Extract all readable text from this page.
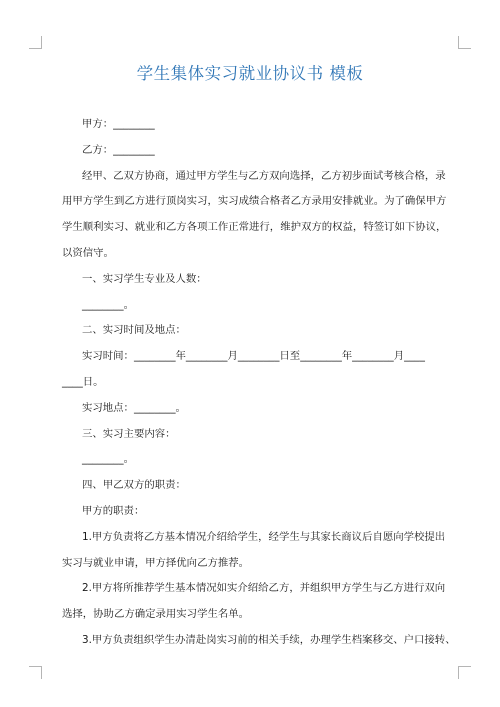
学生集体实习就业协议书 模板

甲方：________

乙方：________

经甲、乙双方协商，通过甲方学生与乙方双向选择，乙方初步面试考核合格，录

用甲方学生到乙方进行顶岗实习，实习成绩合格者乙方录用安排就业。为了确保甲方

学生顺利实习、就业和乙方各项工作正常进行，维护双方的权益，特签订如下协议，

以资信守。

一、实习学生专业及人数：

________。

二、实习时间及地点：

实习时间：________年________月________日至________年________月____

____日。

实习地点：________。

三、实习主要内容：

________。

四、甲乙双方的职责：

甲方的职责：

1.甲方负责将乙方基本情况介绍给学生，经学生与其家长商议后自愿向学校提出

实习与就业申请，甲方择优向乙方推荐。

2.甲方将所推荐学生基本情况如实介绍给乙方，并组织甲方学生与乙方进行双向

选择，协助乙方确定录用实习学生名单。

3.甲方负责组织学生办清赴岗实习前的相关手续，办理学生档案移交、户口接转、
